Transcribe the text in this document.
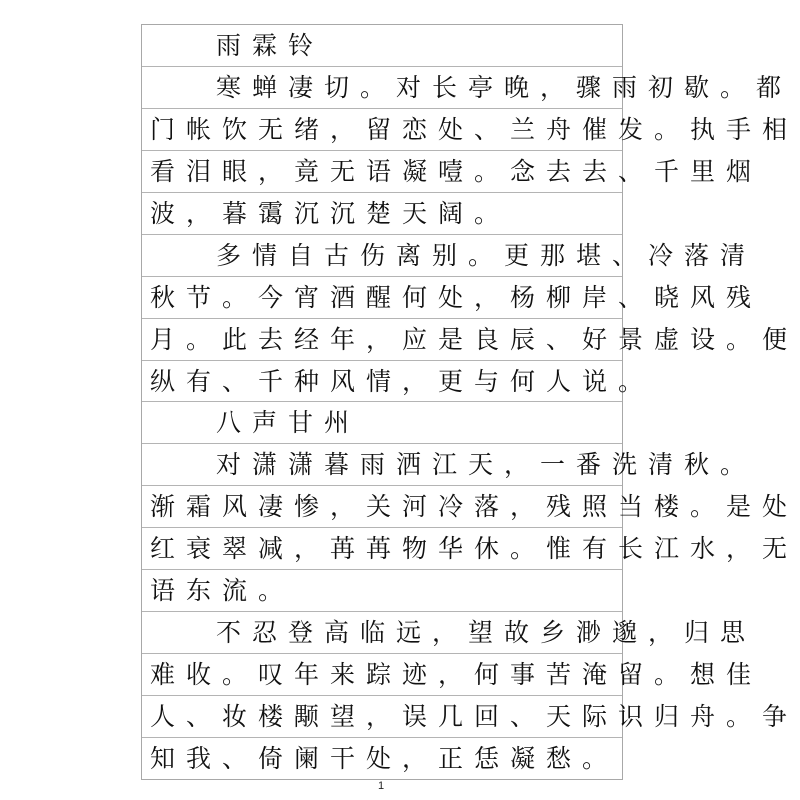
雨霖铃
寒蝉凄切。对长亭晚，骤雨初歇。都
门帐饮无绪，留恋处、兰舟催发。执手相
看泪眼，竟无语凝噎。念去去、千里烟
波，暮霭沉沉楚天阔。
多情自古伤离别。更那堪、冷落清
秋节。今宵酒醒何处，杨柳岸、晓风残
月。此去经年，应是良辰、好景虚设。便
纵有、千种风情，更与何人说。
八声甘州
对潇潇暮雨洒江天，一番洗清秋。
渐霜风凄惨，关河冷落，残照当楼。是处
红衰翠减，苒苒物华休。惟有长江水，无
语东流。
不忍登高临远，望故乡渺邈，归思
难收。叹年来踪迹，何事苦淹留。想佳
人、妆楼颙望，误几回、天际识归舟。争
知我、倚阑干处，正恁凝愁。
1
